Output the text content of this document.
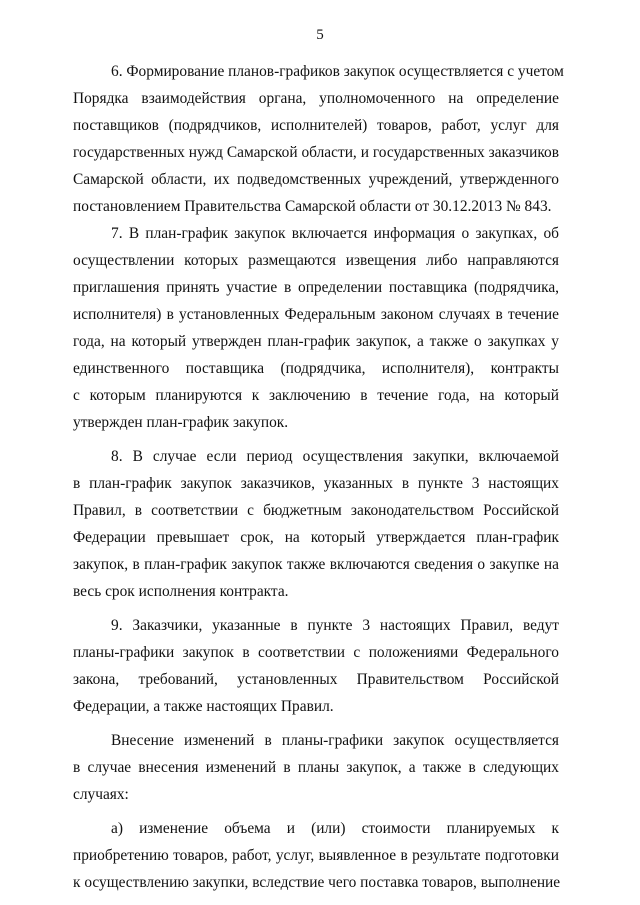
5
6. Формирование планов-графиков закупок осуществляется с учетом
Порядка взаимодействия органа, уполномоченного на определение
поставщиков (подрядчиков, исполнителей) товаров, работ, услуг для
государственных нужд Самарской области, и государственных заказчиков
Самарской области, их подведомственных учреждений, утвержденного
постановлением Правительства Самарской области от 30.12.2013 № 843.
7. В план-график закупок включается информация о закупках, об
осуществлении которых размещаются извещения либо направляются
приглашения принять участие в определении поставщика (подрядчика,
исполнителя) в установленных Федеральным законом случаях в течение
года, на который утвержден план-график закупок, а также о закупках у
единственного поставщика (подрядчика, исполнителя), контракты
с которым планируются к заключению в течение года, на который
утвержден план-график закупок.
8. В случае если период осуществления закупки, включаемой
в план-график закупок заказчиков, указанных в пункте 3 настоящих
Правил, в соответствии с бюджетным законодательством Российской
Федерации превышает срок, на который утверждается план-график
закупок, в план-график закупок также включаются сведения о закупке на
весь срок исполнения контракта.
9. Заказчики, указанные в пункте 3 настоящих Правил, ведут
планы-графики закупок в соответствии с положениями Федерального
закона, требований, установленных Правительством Российской
Федерации, а также настоящих Правил.
Внесение изменений в планы-графики закупок осуществляется
в случае внесения изменений в планы закупок, а также в следующих
случаях:
а) изменение объема и (или) стоимости планируемых к
приобретению товаров, работ, услуг, выявленное в результате подготовки
к осуществлению закупки, вследствие чего поставка товаров, выполнение
